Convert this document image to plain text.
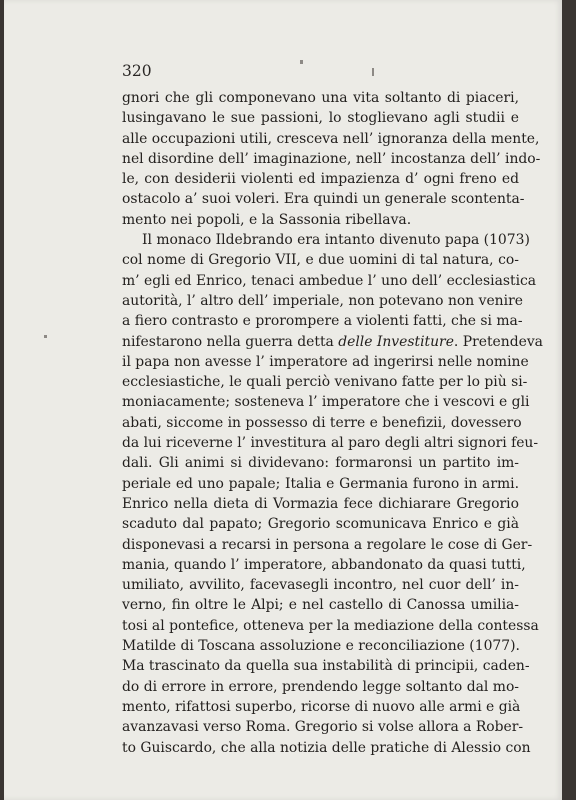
320

gnori che gli componevano una vita soltanto di piaceri,
lusingavano le sue passioni, lo stoglievano agli studii e
alle occupazioni utili, cresceva nell’ ignoranza della mente,
nel disordine dell’ imaginazione, nell’ incostanza dell’ indo-
le, con desiderii violenti ed impazienza d’ ogni freno ed
ostacolo a’ suoi voleri. Era quindi un generale scontenta-
mento nei popoli, e la Sassonia ribellava.
Il monaco Ildebrando era intanto divenuto papa (1073)
col nome di Gregorio VII, e due uomini di tal natura, co-
m’ egli ed Enrico, tenaci ambedue l’ uno dell’ ecclesiastica
autorità, l’ altro dell’ imperiale, non potevano non venire
a fiero contrasto e prorompere a violenti fatti, che si ma-
nifestarono nella guerra detta delle Investiture. Pretendeva
il papa non avesse l’ imperatore ad ingerirsi nelle nomine
ecclesiastiche, le quali perciò venivano fatte per lo più si-
moniacamente; sosteneva l’ imperatore che i vescovi e gli
abati, siccome in possesso di terre e benefizii, dovessero
da lui riceverne l’ investitura al paro degli altri signori feu-
dali. Gli animi si dividevano: formaronsi un partito im-
periale ed uno papale; Italia e Germania furono in armi.
Enrico nella dieta di Vormazia fece dichiarare Gregorio
scaduto dal papato; Gregorio scomunicava Enrico e già
disponevasi a recarsi in persona a regolare le cose di Ger-
mania, quando l’ imperatore, abbandonato da quasi tutti,
umiliato, avvilito, facevasegli incontro, nel cuor dell’ in-
verno, fin oltre le Alpi; e nel castello di Canossa umilia-
tosi al pontefice, otteneva per la mediazione della contessa
Matilde di Toscana assoluzione e reconciliazione (1077).
Ma trascinato da quella sua instabilità di principii, caden-
do di errore in errore, prendendo legge soltanto dal mo-
mento, rifattosi superbo, ricorse di nuovo alle armi e già
avanzavasi verso Roma. Gregorio si volse allora a Rober-
to Guiscardo, che alla notizia delle pratiche di Alessio con
